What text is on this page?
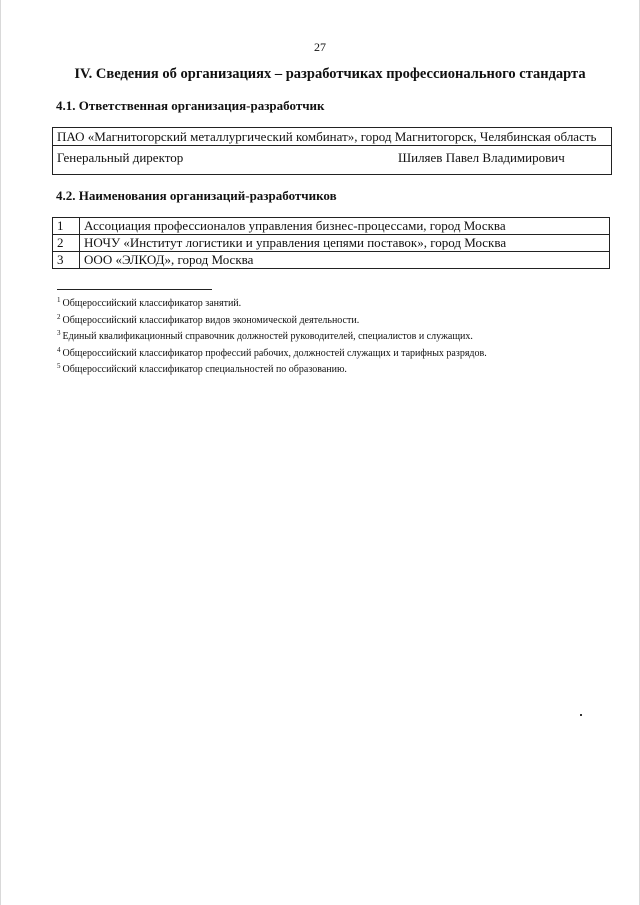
27
IV. Сведения об организациях – разработчиках профессионального стандарта
4.1. Ответственная организация-разработчик
ПАО «Магнитогорский металлургический комбинат», город Магнитогорск, Челябинская область
Генеральный директор	Шиляев Павел Владимирович
4.2. Наименования организаций-разработчиков
1	Ассоциация профессионалов управления бизнес-процессами, город Москва
2	НОЧУ «Институт логистики и управления цепями поставок», город Москва
3	ООО «ЭЛКОД», город Москва
$^1$ Общероссийский классификатор занятий.
$^2$ Общероссийский классификатор видов экономической деятельности.
$^3$ Единый квалификационный справочник должностей руководителей, специалистов и служащих.
$^4$ Общероссийский классификатор профессий рабочих, должностей служащих и тарифных разрядов.
$^5$ Общероссийский классификатор специальностей по образованию.
